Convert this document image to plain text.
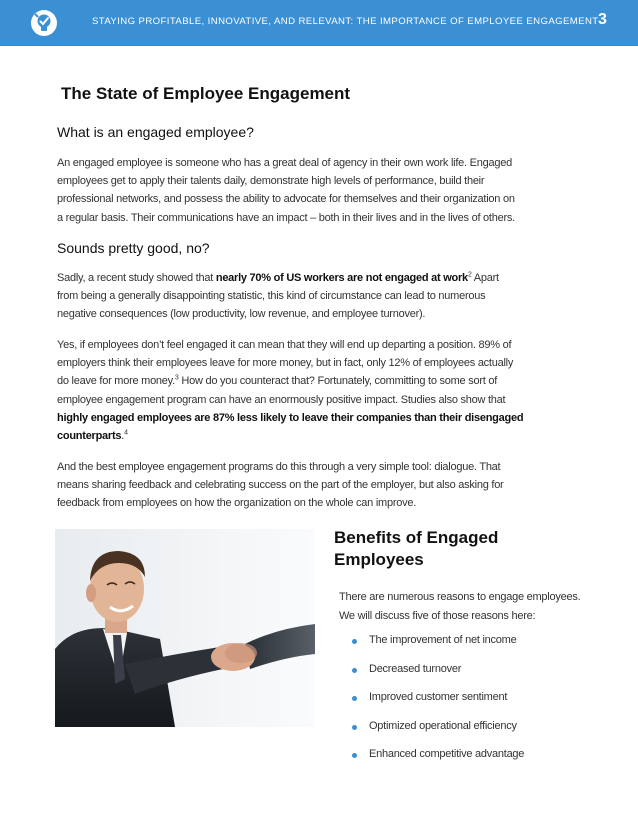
STAYING PROFITABLE, INNOVATIVE, AND RELEVANT: THE IMPORTANCE OF EMPLOYEE ENGAGEMENT 3
The State of Employee Engagement
What is an engaged employee?
An engaged employee is someone who has a great deal of agency in their own work life. Engaged
employees get to apply their talents daily, demonstrate high levels of performance, build their
professional networks, and possess the ability to advocate for themselves and their organization on
a regular basis. Their communications have an impact – both in their lives and in the lives of others.
Sounds pretty good, no?
Sadly, a recent study showed that nearly 70% of US workers are not engaged at work$^2$ Apart
from being a generally disappointing statistic, this kind of circumstance can lead to numerous
negative consequences (low productivity, low revenue, and employee turnover).
Yes, if employees don’t feel engaged it can mean that they will end up departing a position. 89% of
employers think their employees leave for more money, but in fact, only 12% of employees actually
do leave for more money.$^3$ How do you counteract that? Fortunately, committing to some sort of
employee engagement program can have an enormously positive impact. Studies also show that
highly engaged employees are 87% less likely to leave their companies than their disengaged
counterparts.$^4$
And the best employee engagement programs do this through a very simple tool: dialogue. That
means sharing feedback and celebrating success on the part of the employer, but also asking for
feedback from employees on how the organization on the whole can improve.
Benefits of Engaged
Employees
There are numerous reasons to engage employees.
We will discuss five of those reasons here:
The improvement of net income
Decreased turnover
Improved customer sentiment
Optimized operational efficiency
Enhanced competitive advantage
